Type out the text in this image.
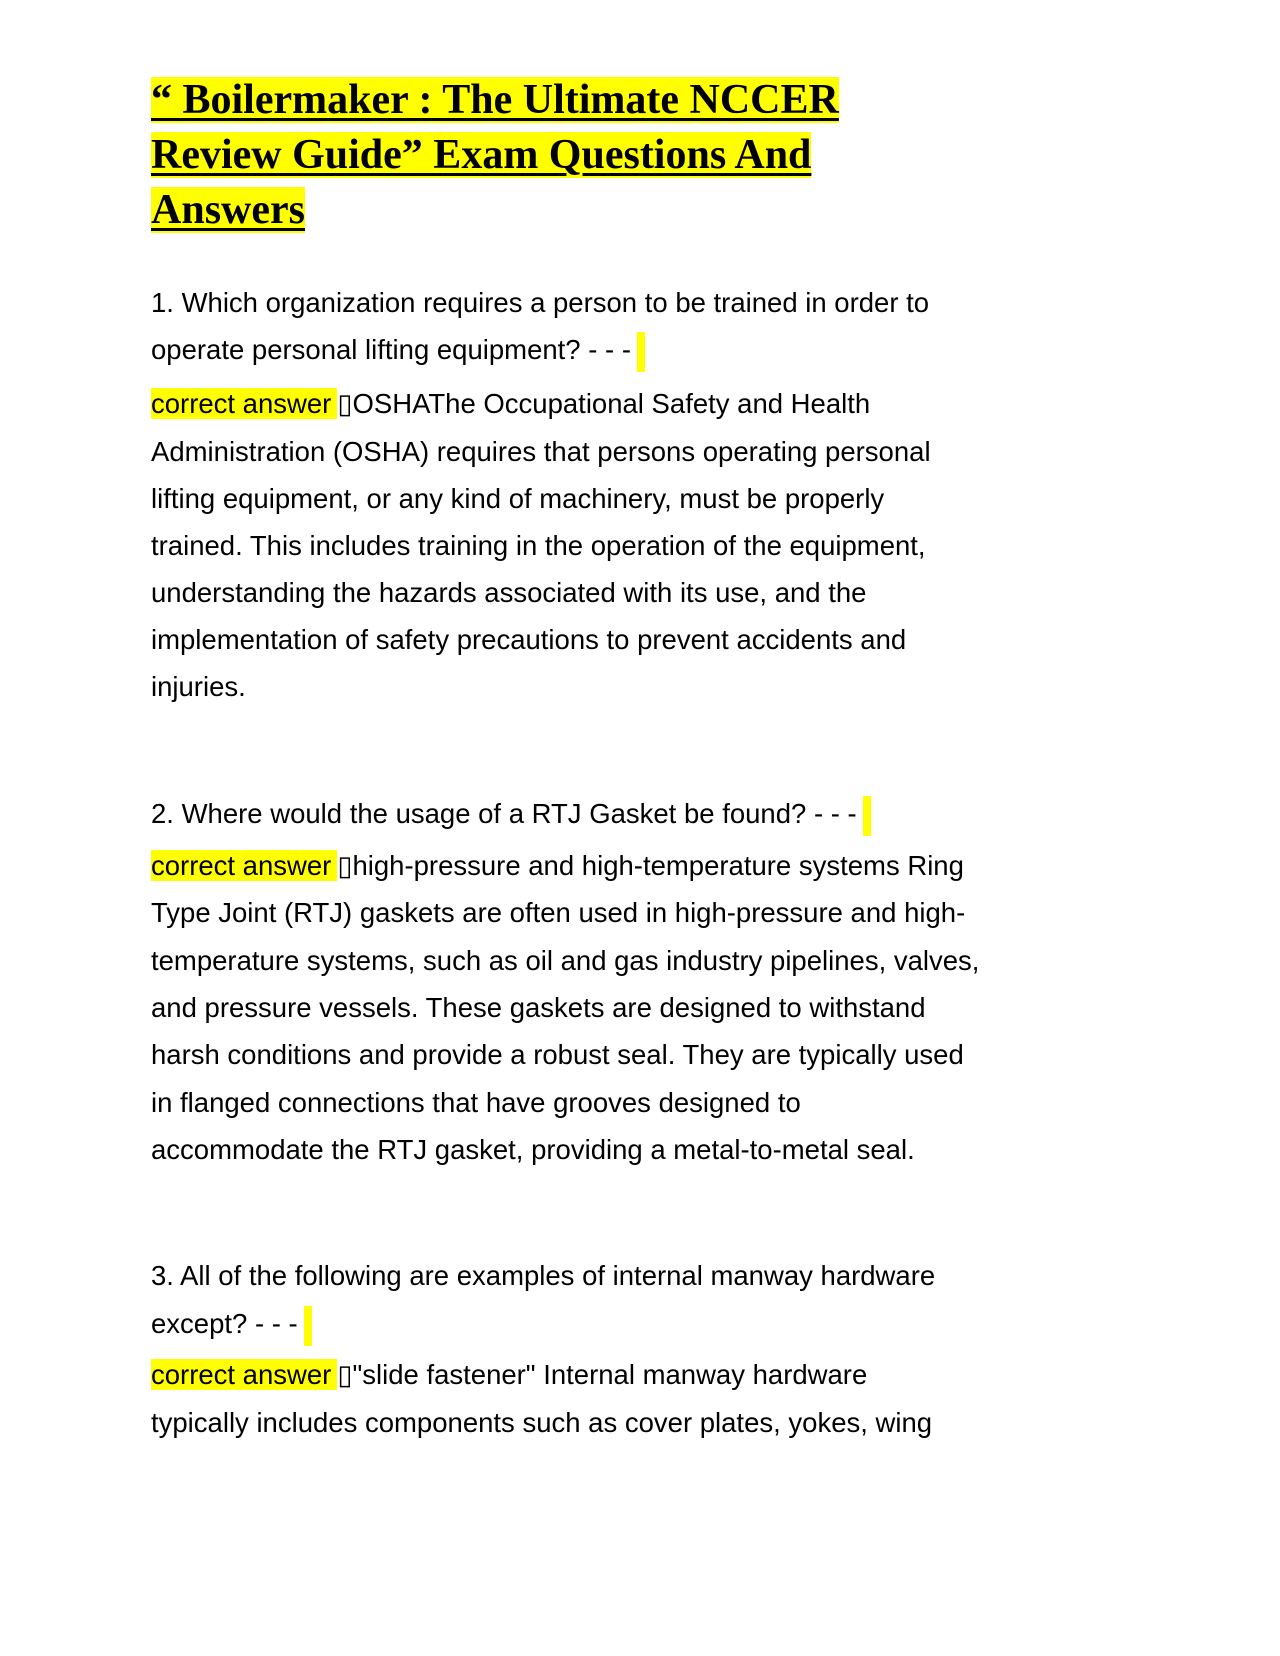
“ Boilermaker : The Ultimate NCCER
Review Guide” Exam Questions And
Answers
1. Which organization requires a person to be trained in order to
operate personal lifting equipment? - - -
correct answer ▯OSHAThe Occupational Safety and Health
Administration (OSHA) requires that persons operating personal
lifting equipment, or any kind of machinery, must be properly
trained. This includes training in the operation of the equipment,
understanding the hazards associated with its use, and the
implementation of safety precautions to prevent accidents and
injuries.
2. Where would the usage of a RTJ Gasket be found? - - -
correct answer ▯high-pressure and high-temperature systems Ring
Type Joint (RTJ) gaskets are often used in high-pressure and high-
temperature systems, such as oil and gas industry pipelines, valves,
and pressure vessels. These gaskets are designed to withstand
harsh conditions and provide a robust seal. They are typically used
in flanged connections that have grooves designed to
accommodate the RTJ gasket, providing a metal-to-metal seal.
3. All of the following are examples of internal manway hardware
except? - - -
correct answer ▯"slide fastener" Internal manway hardware
typically includes components such as cover plates, yokes, wing
